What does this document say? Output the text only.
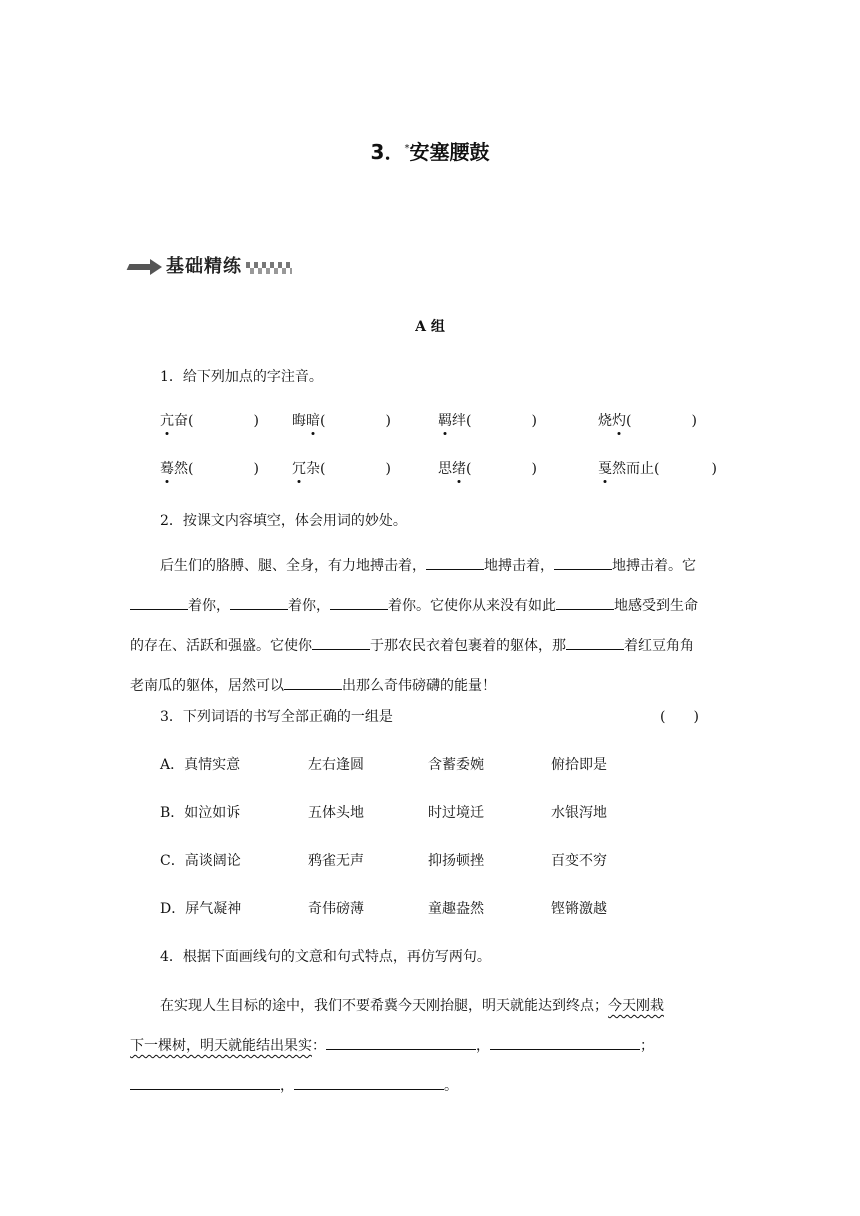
3．*安塞腰鼓
基础精练
A 组
1．给下列加点的字注音。
亢奋(	) 晦暗(	)	羁绊(	)	烧灼(	)
蓦然(	) 冗杂(	)	思绪(	)	戛然而止(	)
2．按课文内容填空，体会用词的妙处。
后生们的胳膊、腿、全身，有力地搏击着，	地搏击着，	地搏击着。它
着你，	着你，	着你。它使你从来没有如此	地感受到生命
的存在、活跃和强盛。它使你	于那农民衣着包裹着的躯体，那	着红豆角角
老南瓜的躯体，居然可以	出那么奇伟磅礴的能量！
3．下列词语的书写全部正确的一组是	(　　)
A．真情实意	左右逢圆	含蓄委婉	俯拾即是
B．如泣如诉	五体头地	时过境迁	水银泻地
C．高谈阔论	鸦雀无声	抑扬顿挫	百变不穷
D．屏气凝神	奇伟磅薄	童趣盎然	铿锵激越
4．根据下面画线句的文意和句式特点，再仿写两句。
在实现人生目标的途中，我们不要希冀今天刚抬腿，明天就能达到终点；今天刚栽
下一棵树，明天就能结出果实：	，	；
，	。
